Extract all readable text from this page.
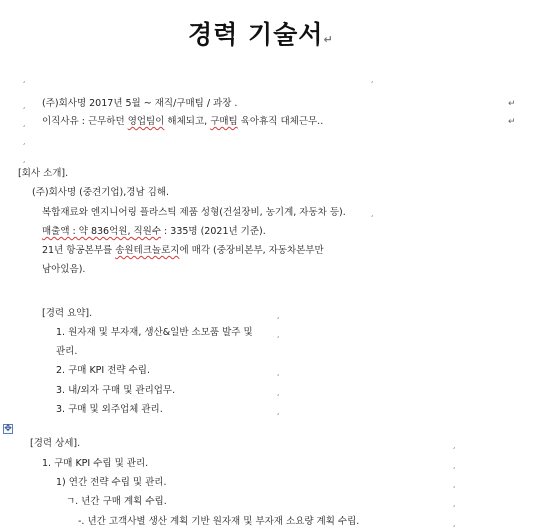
경력 기술서↵
¸	¸
¸ (주)회사명 2017년 5월 ~ 재직/구매팀 / 과장 .	↵
¸ 이직사유 : 근무하던 영업팀이 해체되고, 구매팀 육아휴직 대체근무..	↵
¸
¸
[회사 소개].
(주)회사명 (중견기업),경남 김해.
복합재료와 엔지니어링 플라스틱 제품 성형(건설장비, 농기계, 자동차 등).	¸
매출액 : 약 836억원, 직원수 : 335명 (2021년 기준).
21년 항공본부를 송원테크놀로지에 매각 (중장비본부, 자동차본부만
남아있음).
[경력 요약].	¸
1. 원자재 및 부자재, 생산&일반 소모품 발주 및	¸
관리.
2. 구매 KPI 전략 수립.	¸
3. 내/외자 구매 및 관리업무.	¸
3. 구매 및 외주업체 관리.	¸
✥
[경력 상세].	¸
1. 구매 KPI 수립 및 관리.	¸
1) 연간 전략 수립 및 관리.	¸
ㄱ. 년간 구매 계획 수립.	¸
-. 년간 고객사별 생산 계획 기반 원자재 및 부자재 소요량 계획 수립.	¸
